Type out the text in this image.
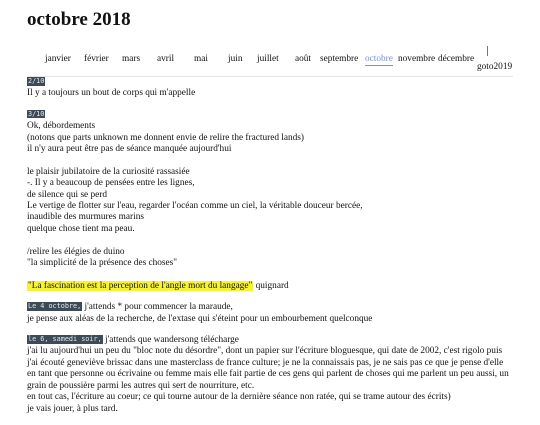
octobre 2018
janvier février mars avril mai juin juillet août septembre octobre novembre décembre
goto2019
2/10
Il y a toujours un bout de corps qui m'appelle
3/10
Ok, débordements
(notons que parts unknown me donnent envie de relire the fractured lands)
il n'y aura peut être pas de séance manquée aujourd'hui
le plaisir jubilatoire de la curiosité rassasiée
-. Il y a beaucoup de pensées entre les lignes,
de silence qui se perd
Le vertige de flotter sur l'eau, regarder l'océan comme un ciel, la véritable douceur bercée,
inaudible des murmures marins
quelque chose tient ma peau.
/relire les élégies de duino
"la simplicité de la présence des choses"
"La fascination est la perception de l'angle mort du langage" quignard
Le 4 octobre, j'attends * pour commencer la maraude,
je pense aux aléas de la recherche, de l'extase qui s'éteint pour un embourbement quelconque
le 6, samedi soir, j'attends que wandersong télécharge
j'ai lu aujourd'hui un peu du "bloc note du désordre", dont un papier sur l'écriture bloguesque, qui date de 2002, c'est rigolo puis
j'ai écouté geneviève brissac dans une masterclass de france culture; je ne la connaissais pas, je ne sais pas ce que je pense d'elle
en tant que personne ou écrivaine ou femme mais elle fait partie de ces gens qui parlent de choses qui me parlent un peu aussi, un
grain de poussière parmi les autres qui sert de nourriture, etc.
en tout cas, l'écriture au coeur; ce qui tourne autour de la dernière séance non ratée, qui se trame autour des écrits)
je vais jouer, à plus tard.
